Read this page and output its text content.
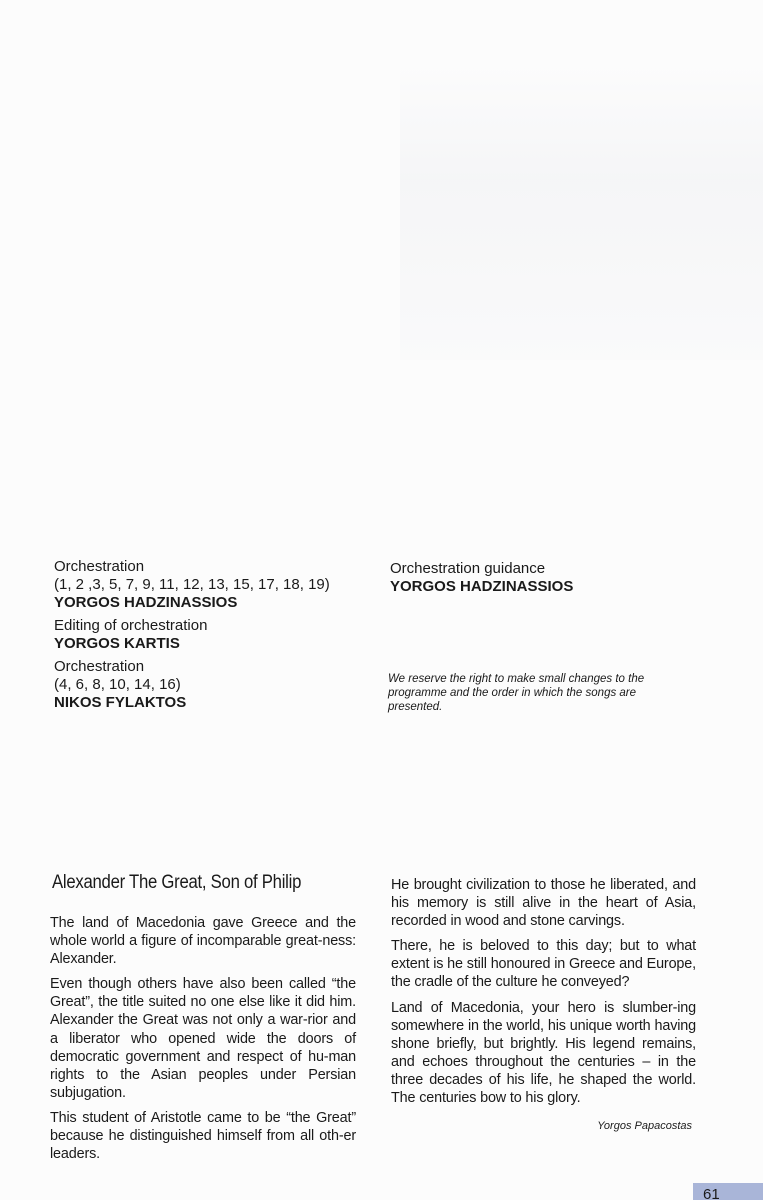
Orchestration

(1, 2 ,3, 5, 7, 9, 11, 12, 13, 15, 17, 18, 19)

YORGOS HADZINASSIOS

Editing of orchestration

YORGOS KARTIS

Orchestration

(4, 6, 8, 10, 14, 16)

NIKOS FYLAKTOS

Orchestration guidance

YORGOS HADZINASSIOS

We reserve the right to make small changes to the programme and the order in which the songs are presented.

Alexander The Great, Son of Philip

The land of Macedonia gave Greece and the whole world a figure of incomparable great-ness: Alexander.

Even though others have also been called “the Great”, the title suited no one else like it did him. Alexander the Great was not only a war-rior and a liberator who opened wide the doors of democratic government and respect of hu-man rights to the Asian peoples under Persian subjugation.

This student of Aristotle came to be “the Great” because he distinguished himself from all oth-er leaders.

He brought civilization to those he liberated, and his memory is still alive in the heart of Asia, recorded in wood and stone carvings.

There, he is beloved to this day; but to what extent is he still honoured in Greece and Europe, the cradle of the culture he conveyed?

Land of Macedonia, your hero is slumber-ing somewhere in the world, his unique worth having shone briefly, but brightly. His legend remains, and echoes throughout the centuries – in the three decades of his life, he shaped the world. The centuries bow to his glory.

Yorgos Papacostas

61
